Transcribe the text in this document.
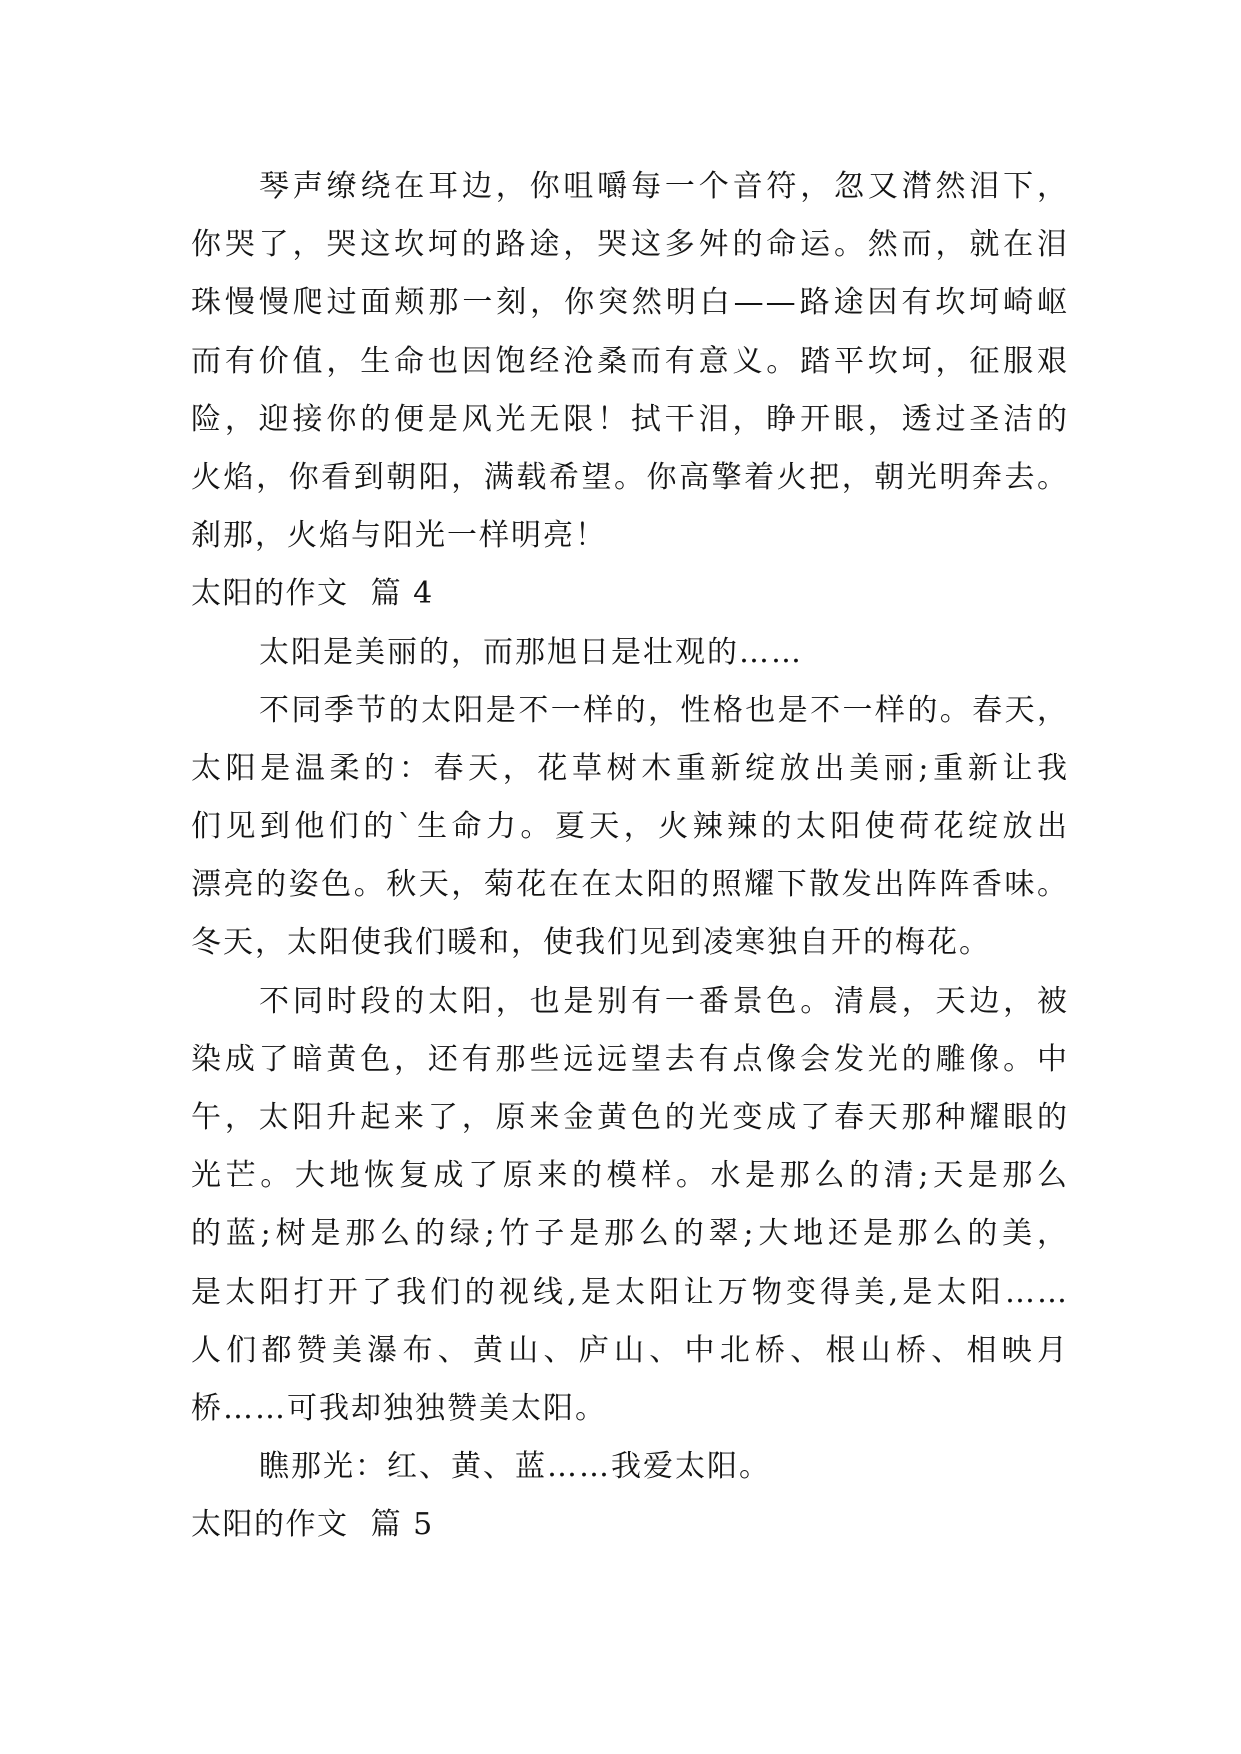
琴声缭绕在耳边，你咀嚼每一个音符，忽又潸然泪下，
你哭了，哭这坎坷的路途，哭这多舛的命运。然而，就在泪
珠慢慢爬过面颊那一刻，你突然明白——路途因有坎坷崎岖
而有价值，生命也因饱经沧桑而有意义。踏平坎坷，征服艰
险，迎接你的便是风光无限！拭干泪，睁开眼，透过圣洁的
火焰，你看到朝阳，满载希望。你高擎着火把，朝光明奔去。
刹那，火焰与阳光一样明亮！
太阳的作文  篇 4
太阳是美丽的，而那旭日是壮观的……
不同季节的太阳是不一样的，性格也是不一样的。春天，
太阳是温柔的：春天，花草树木重新绽放出美丽;重新让我
们见到他们的`生命力。夏天，火辣辣的太阳使荷花绽放出
漂亮的姿色。秋天，菊花在在太阳的照耀下散发出阵阵香味。
冬天，太阳使我们暖和，使我们见到凌寒独自开的梅花。
不同时段的太阳，也是别有一番景色。清晨，天边，被
染成了暗黄色，还有那些远远望去有点像会发光的雕像。中
午，太阳升起来了，原来金黄色的光变成了春天那种耀眼的
光芒。大地恢复成了原来的模样。水是那么的清;天是那么
的蓝;树是那么的绿;竹子是那么的翠;大地还是那么的美，
是太阳打开了我们的视线,是太阳让万物变得美,是太阳……
人们都赞美瀑布、黄山、庐山、中北桥、根山桥、相映月
桥……可我却独独赞美太阳。
瞧那光：红、黄、蓝……我爱太阳。
太阳的作文  篇 5
